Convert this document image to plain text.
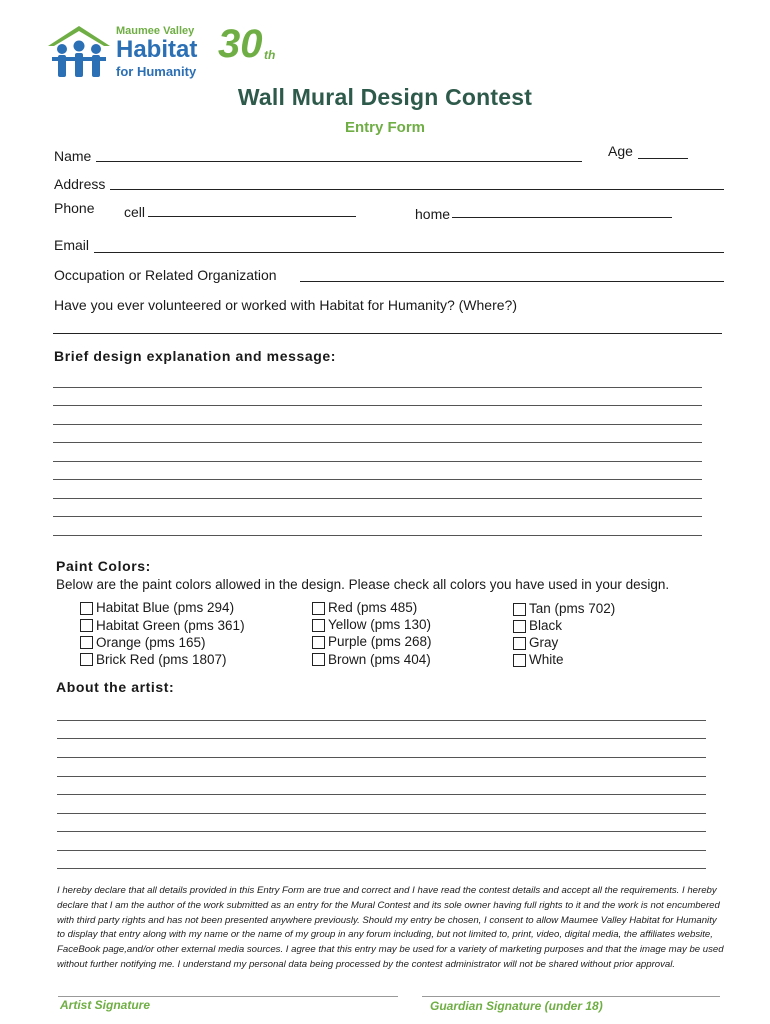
Maumee Valley
Habitat
for Humanity
30 th
Wall Mural Design Contest
Entry Form
Name	Age
Address
Phone cell	home
Email
Occupation or Related Organization
Have you ever volunteered or worked with Habitat for Humanity? (Where?)
Brief design explanation and message:
Paint Colors:
Below are the paint colors allowed in the design. Please check all colors you have used in your design.
Habitat Blue (pms 294)
Habitat Green (pms 361)
Orange (pms 165)
Brick Red (pms 1807)
Red (pms 485)
Yellow (pms 130)
Purple (pms 268)
Brown (pms 404)
Tan (pms 702)
Black
Gray
White
About the artist:
I hereby declare that all details provided in this Entry Form are true and correct and I have read the contest details and accept all the requirements. I hereby declare that I am the author of the work submitted as an entry for the Mural Contest and its sole owner having full rights to it and the work is not encumbered with third party rights and has not been presented anywhere previously. Should my entry be chosen, I consent to allow Maumee Valley Habitat for Humanity to display that entry along with my name or the name of my group in any forum including, but not limited to, print, video, digital media, the affiliates website, FaceBook page,and/or other external media sources. I agree that this entry may be used for a variety of marketing purposes and that the image may be used without further notifying me. I understand my personal data being processed by the contest administrator will not be shared without prior approval.
Artist Signature	Guardian Signature (under 18)
